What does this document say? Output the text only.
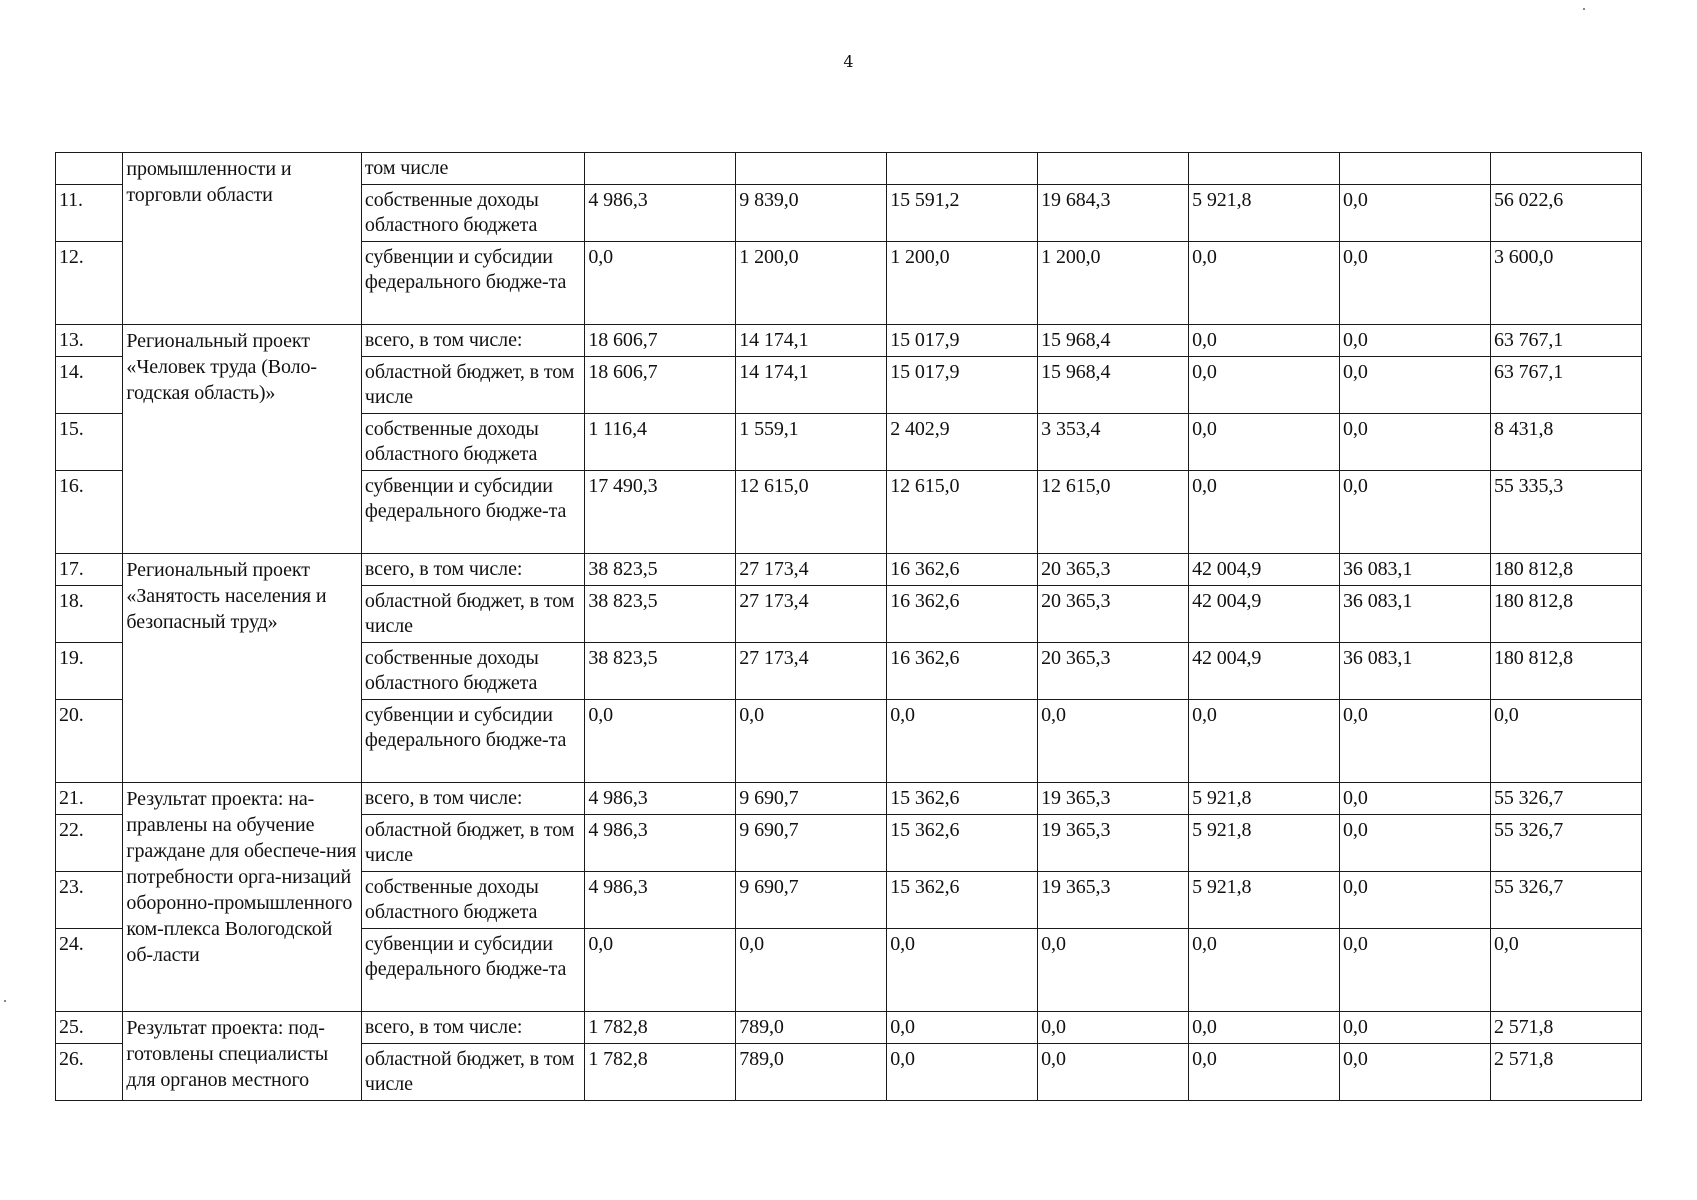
4
	промышленности и торговли области	том числе							
11.		собственные доходы областного бюджета	4 986,3	9 839,0	15 591,2	19 684,3	5 921,8	0,0	56 022,6
12.		субвенции и субсидии федерального бюдже-та	0,0	1 200,0	1 200,0	1 200,0	0,0	0,0	3 600,0
13.	Региональный проект «Человек труда (Воло-годская область)»	всего, в том числе:	18 606,7	14 174,1	15 017,9	15 968,4	0,0	0,0	63 767,1
14.		областной бюджет, в том числе	18 606,7	14 174,1	15 017,9	15 968,4	0,0	0,0	63 767,1
15.		собственные доходы областного бюджета	1 116,4	1 559,1	2 402,9	3 353,4	0,0	0,0	8 431,8
16.		субвенции и субсидии федерального бюдже-та	17 490,3	12 615,0	12 615,0	12 615,0	0,0	0,0	55 335,3
17.	Региональный проект «Занятость населения и безопасный труд»	всего, в том числе:	38 823,5	27 173,4	16 362,6	20 365,3	42 004,9	36 083,1	180 812,8
18.		областной бюджет, в том числе	38 823,5	27 173,4	16 362,6	20 365,3	42 004,9	36 083,1	180 812,8
19.		собственные доходы областного бюджета	38 823,5	27 173,4	16 362,6	20 365,3	42 004,9	36 083,1	180 812,8
20.		субвенции и субсидии федерального бюдже-та	0,0	0,0	0,0	0,0	0,0	0,0	0,0
21.	Результат проекта: на-правлены на обучение граждане для обеспече-ния потребности орга-низаций оборонно-промышленного ком-плекса Вологодской об-ласти	всего, в том числе:	4 986,3	9 690,7	15 362,6	19 365,3	5 921,8	0,0	55 326,7
22.		областной бюджет, в том числе	4 986,3	9 690,7	15 362,6	19 365,3	5 921,8	0,0	55 326,7
23.		собственные доходы областного бюджета	4 986,3	9 690,7	15 362,6	19 365,3	5 921,8	0,0	55 326,7
24.		субвенции и субсидии федерального бюдже-та	0,0	0,0	0,0	0,0	0,0	0,0	0,0
25.	Результат проекта: под-готовлены специалисты для органов местного	всего, в том числе:	1 782,8	789,0	0,0	0,0	0,0	0,0	2 571,8
26.		областной бюджет, в том числе	1 782,8	789,0	0,0	0,0	0,0	0,0	2 571,8
